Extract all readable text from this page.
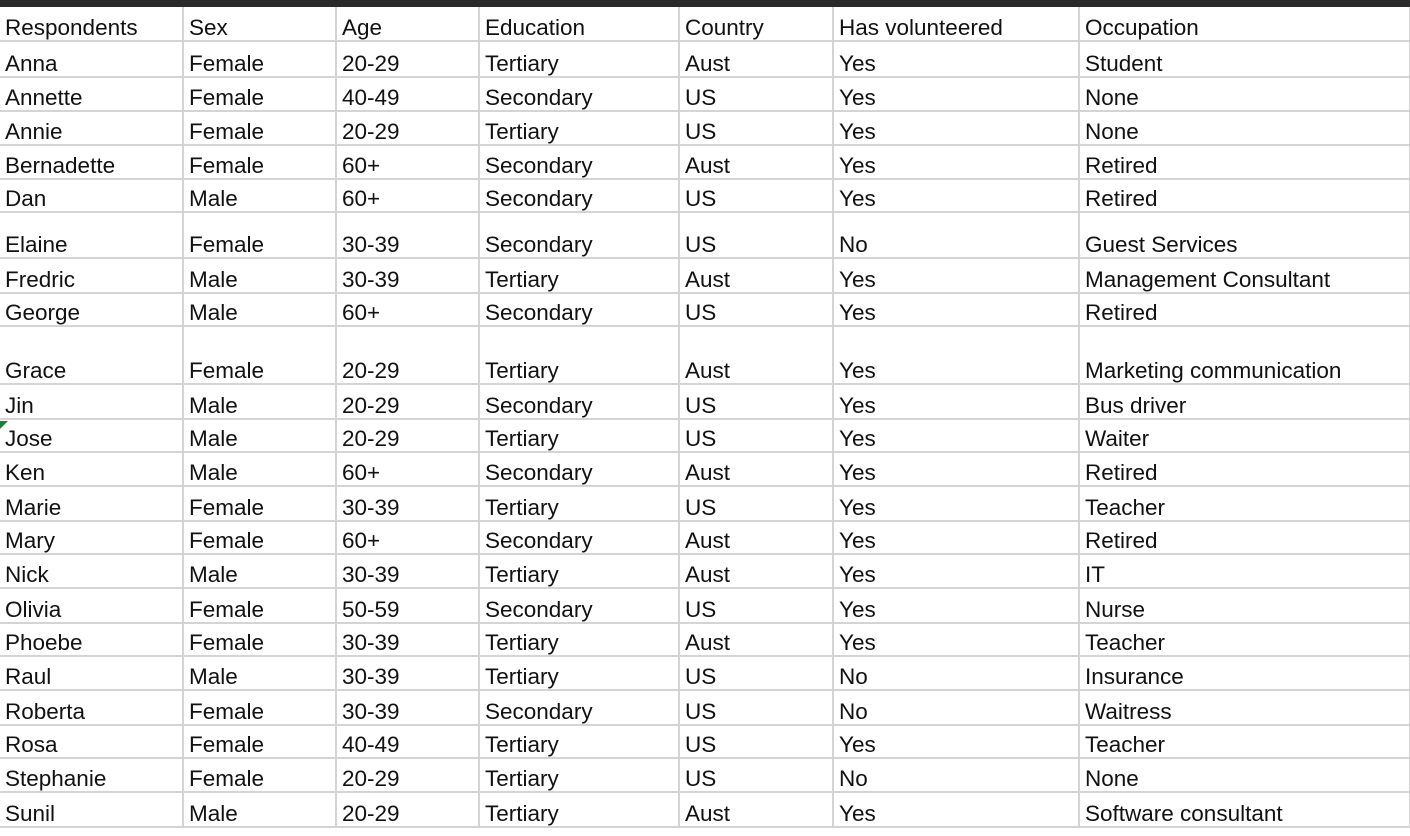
Respondents	Sex	Age	Education	Country	Has volunteered	Occupation
Anna	Female	20-29	Tertiary	Aust	Yes	Student
Annette	Female	40-49	Secondary	US	Yes	None
Annie	Female	20-29	Tertiary	US	Yes	None
Bernadette	Female	60+	Secondary	Aust	Yes	Retired
Dan	Male	60+	Secondary	US	Yes	Retired
Elaine	Female	30-39	Secondary	US	No	Guest Services
Fredric	Male	30-39	Tertiary	Aust	Yes	Management Consultant
George	Male	60+	Secondary	US	Yes	Retired
Grace	Female	20-29	Tertiary	Aust	Yes	Marketing communication
Jin	Male	20-29	Secondary	US	Yes	Bus driver
Jose	Male	20-29	Tertiary	US	Yes	Waiter
Ken	Male	60+	Secondary	Aust	Yes	Retired
Marie	Female	30-39	Tertiary	US	Yes	Teacher
Mary	Female	60+	Secondary	Aust	Yes	Retired
Nick	Male	30-39	Tertiary	Aust	Yes	IT
Olivia	Female	50-59	Secondary	US	Yes	Nurse
Phoebe	Female	30-39	Tertiary	Aust	Yes	Teacher
Raul	Male	30-39	Tertiary	US	No	Insurance
Roberta	Female	30-39	Secondary	US	No	Waitress
Rosa	Female	40-49	Tertiary	US	Yes	Teacher
Stephanie	Female	20-29	Tertiary	US	No	None
Sunil	Male	20-29	Tertiary	Aust	Yes	Software consultant
